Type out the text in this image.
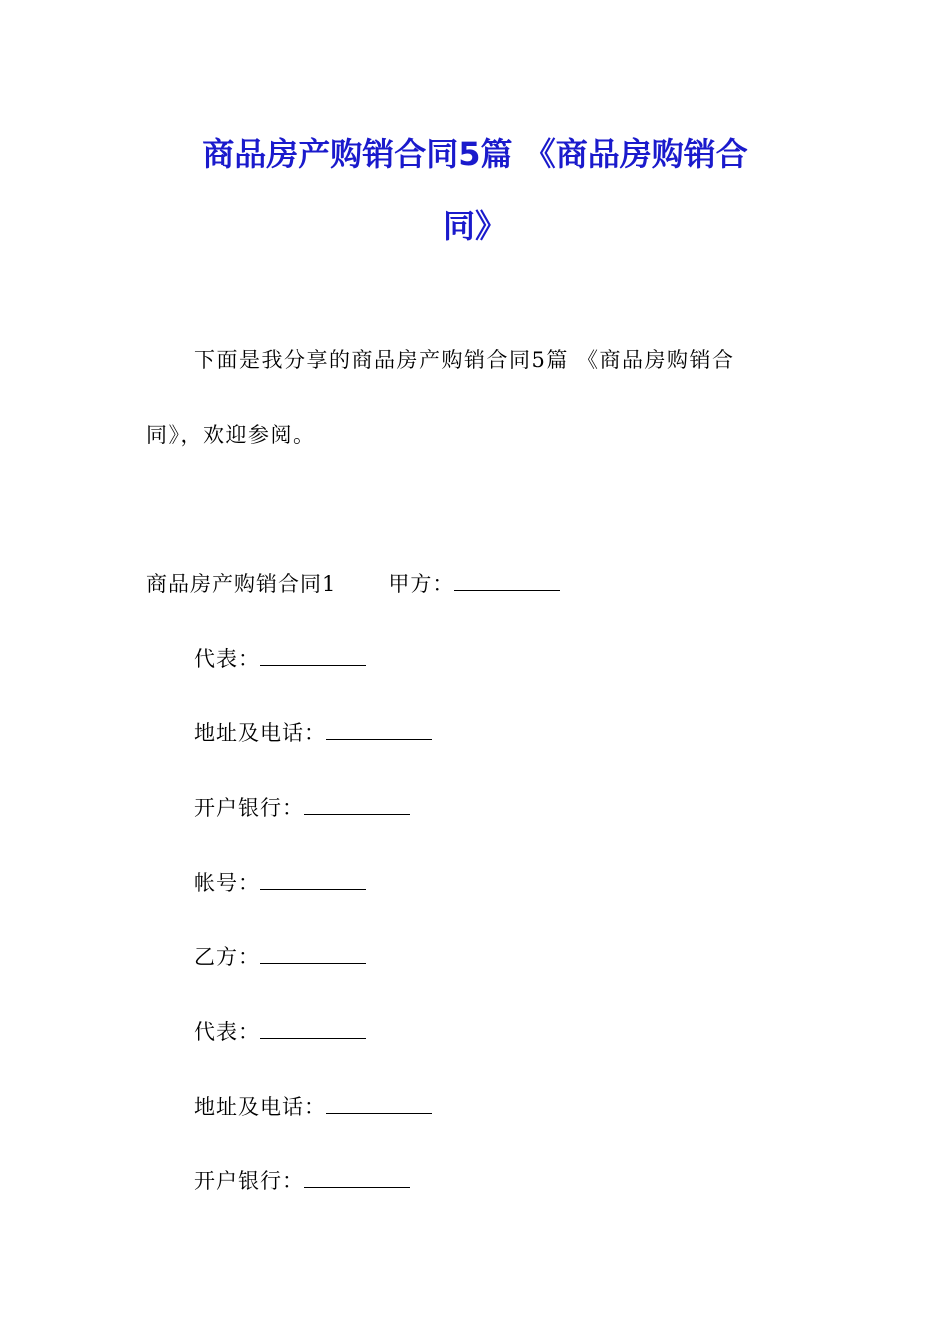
商品房产购销合同5篇 《商品房购销合
同》
下面是我分享的商品房产购销合同5篇 《商品房购销合
同》，欢迎参阅。
商品房产购销合同1 甲方：
代表：
地址及电话：
开户银行：
帐号：
乙方：
代表：
地址及电话：
开户银行：
